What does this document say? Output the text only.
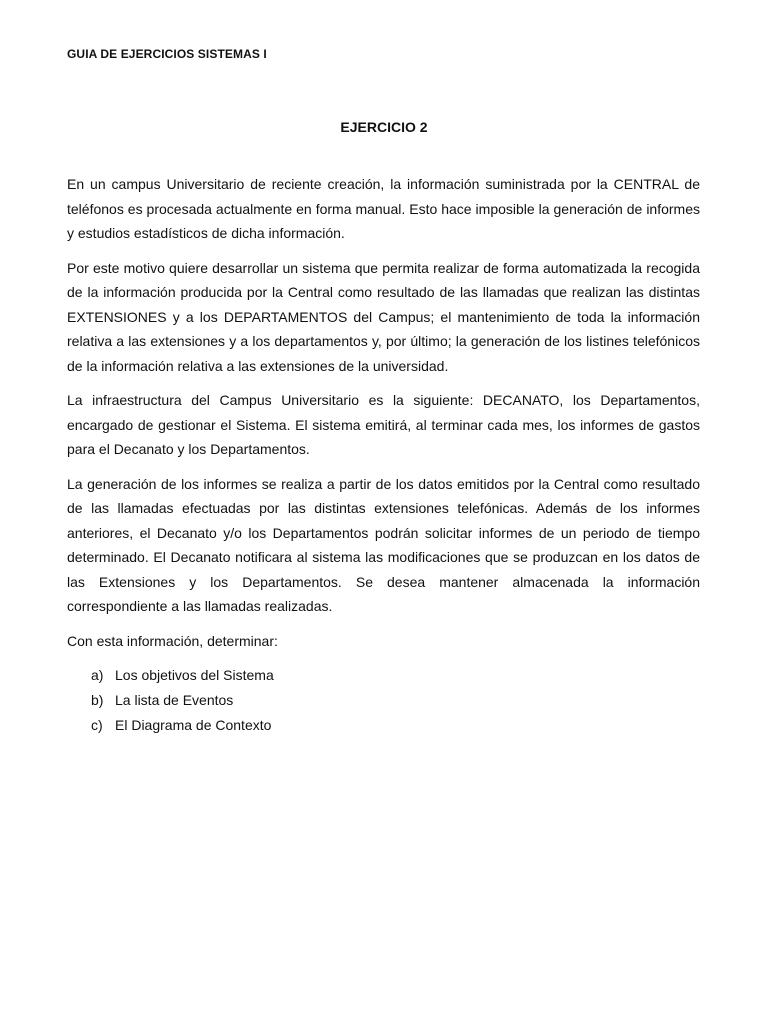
GUIA DE EJERCICIOS SISTEMAS I
EJERCICIO 2

En un campus Universitario de reciente creación, la información suministrada por la CENTRAL de teléfonos es procesada actualmente en forma manual. Esto hace imposible la generación de informes y estudios estadísticos de dicha información.

Por este motivo quiere desarrollar un sistema que permita realizar de forma automatizada la recogida de la información producida por la Central como resultado de las llamadas que realizan las distintas EXTENSIONES y a los DEPARTAMENTOS del Campus; el mantenimiento de toda la información relativa a las extensiones y a los departamentos y, por último; la generación de los listines telefónicos de la información relativa a las extensiones de la universidad.

La infraestructura del Campus Universitario es la siguiente: DECANATO, los Departamentos, encargado de gestionar el Sistema. El sistema emitirá, al terminar cada mes, los informes de gastos para el Decanato y los Departamentos.

La generación de los informes se realiza a partir de los datos emitidos por la Central como resultado de las llamadas efectuadas por las distintas extensiones telefónicas. Además de los informes anteriores, el Decanato y/o los Departamentos podrán solicitar informes de un periodo de tiempo determinado. El Decanato notificara al sistema las modificaciones que se produzcan en los datos de las Extensiones y los Departamentos. Se desea mantener almacenada la información correspondiente a las llamadas realizadas.

Con esta información, determinar:

a) Los objetivos del Sistema
b) La lista de Eventos
c) El Diagrama de Contexto
